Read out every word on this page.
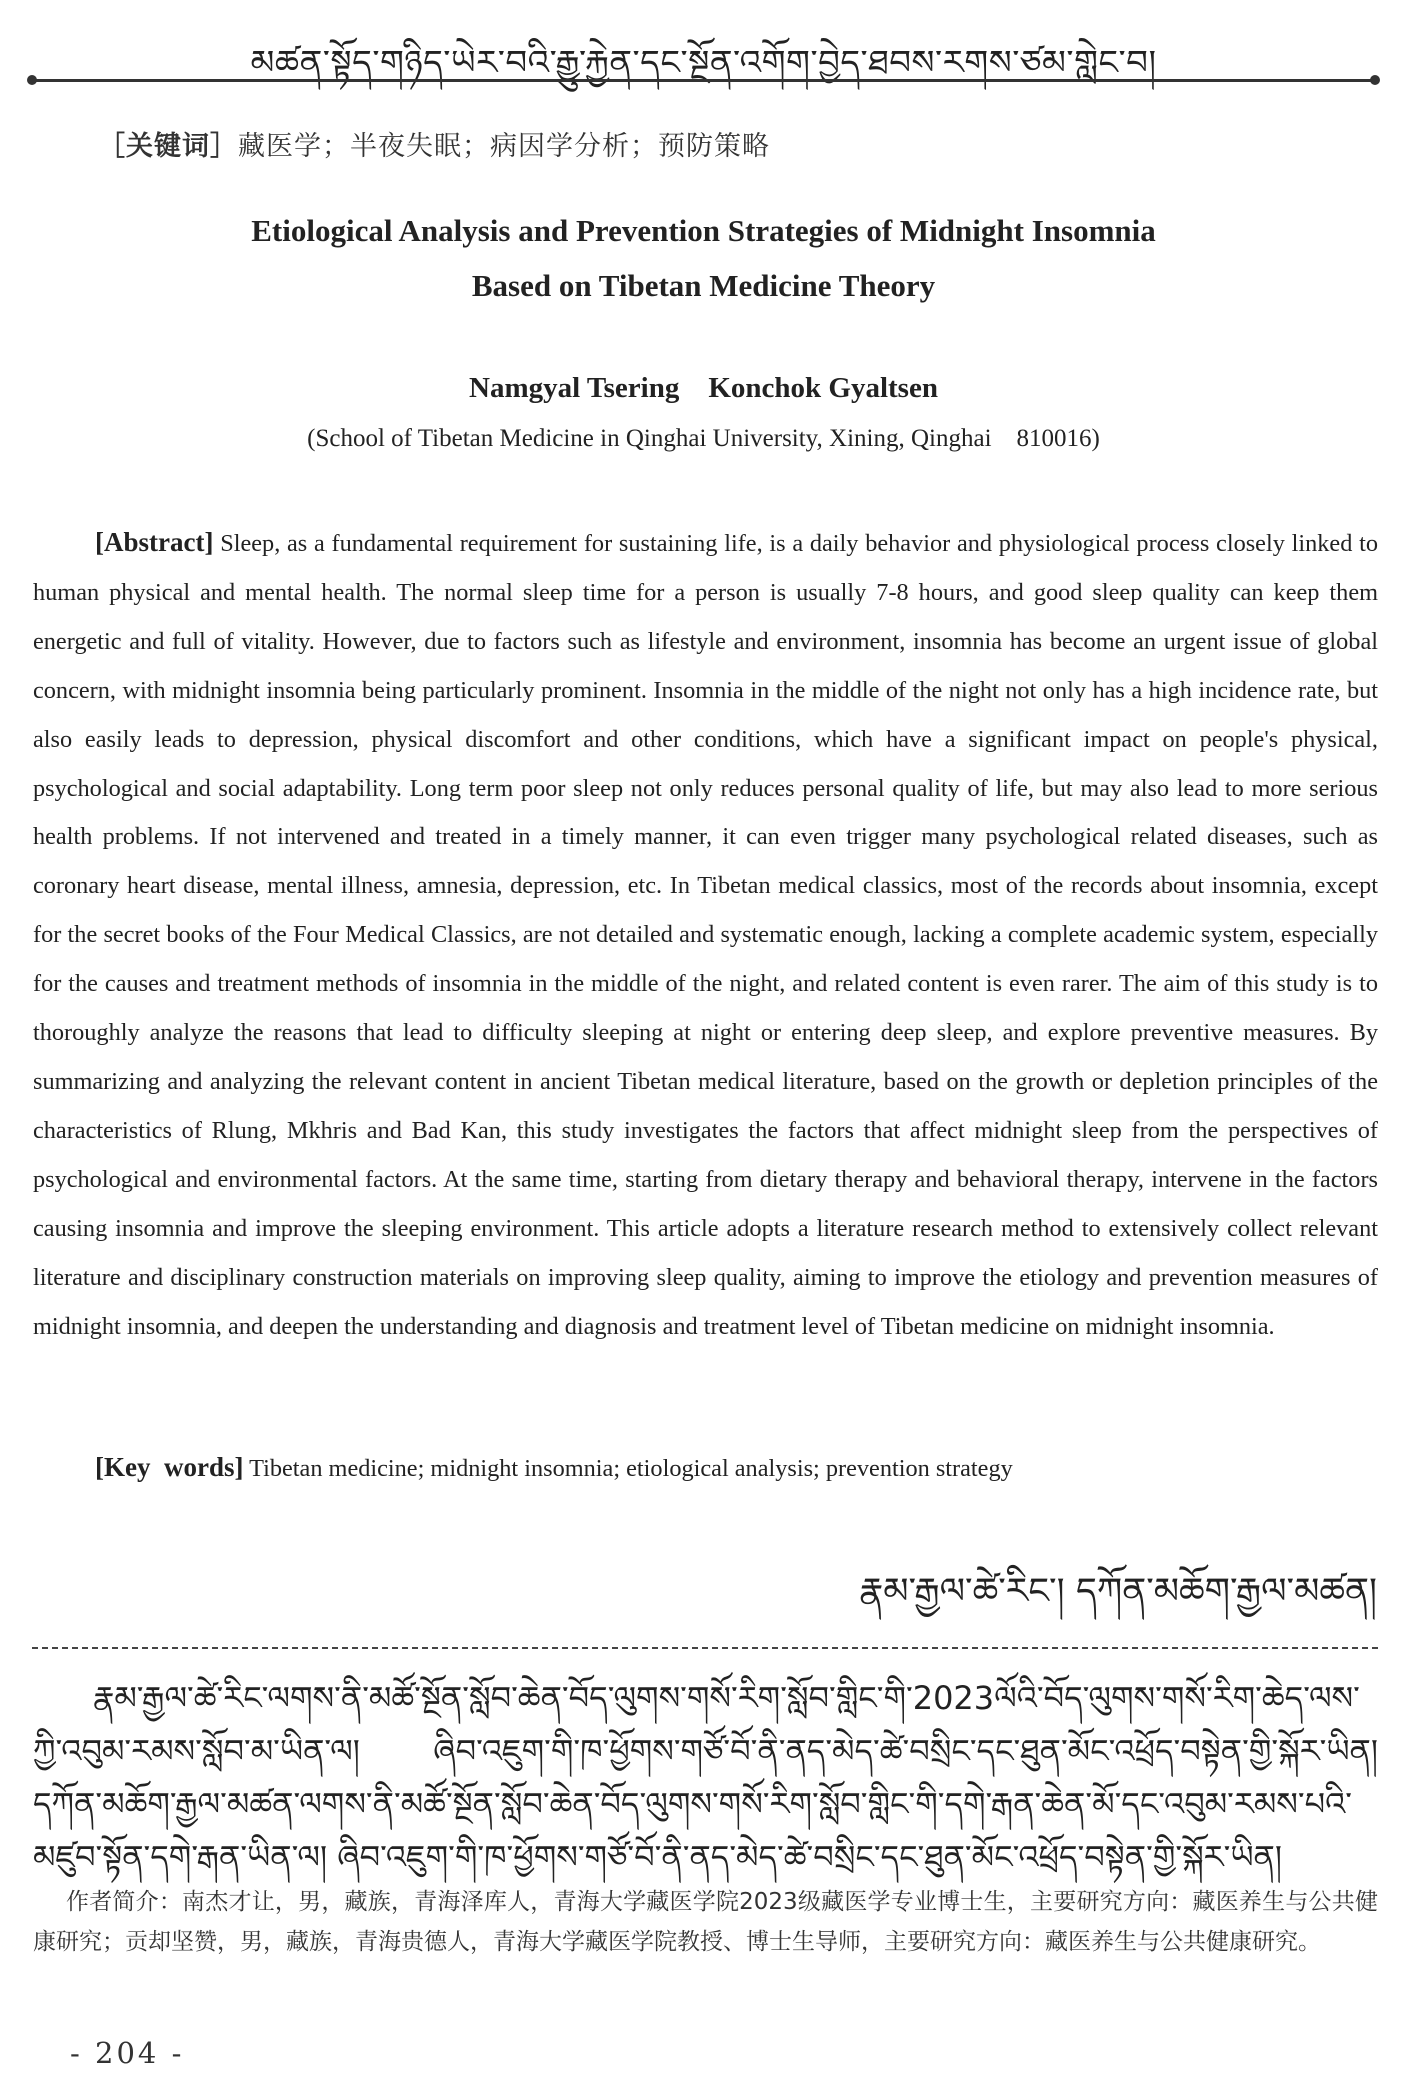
མཚན་སྟོད་གཉིད་ཡེར་བའི་རྒྱུ་རྐྱེན་དང་སྔོན་འགོག་བྱེད་ཐབས་རགས་ཙམ་གླེང་བ།
［关键词］藏医学；半夜失眠；病因学分析；预防策略
Etiological Analysis and Prevention Strategies of Midnight Insomnia
Based on Tibetan Medicine Theory
Namgyal Tsering    Konchok Gyaltsen
(School of Tibetan Medicine in Qinghai University, Xining, Qinghai    810016)

[Abstract] Sleep, as a fundamental requirement for sustaining life, is a daily behavior and physiological process closely linked to human physical and mental health. The normal sleep time for a person is usually 7-8 hours, and good sleep quality can keep them energetic and full of vitality. However, due to factors such as lifestyle and environment, insomnia has become an urgent issue of global concern, with midnight insomnia being particularly prominent. Insomnia in the middle of the night not only has a high incidence rate, but also easily leads to depression, physical discomfort and other conditions, which have a significant impact on people's physical, psychological and social adaptability. Long term poor sleep not only reduces personal quality of life, but may also lead to more serious health problems. If not intervened and treated in a timely manner, it can even trigger many psychological related diseases, such as coronary heart disease, mental illness, amnesia, depression, etc. In Tibetan medical classics, most of the records about insomnia, except for the secret books of the Four Medical Classics, are not detailed and systematic enough, lacking a complete academic system, especially for the causes and treatment methods of insomnia in the middle of the night, and related content is even rarer. The aim of this study is to thoroughly analyze the reasons that lead to difficulty sleeping at night or entering deep sleep, and explore preventive measures. By summarizing and analyzing the relevant content in ancient Tibetan medical literature, based on the growth or depletion principles of the characteristics of Rlung, Mkhris and Bad Kan, this study investigates the factors that affect midnight sleep from the perspectives of psychological and environmental factors. At the same time, starting from dietary therapy and behavioral therapy, intervene in the factors causing insomnia and improve the sleeping environment. This article adopts a literature research method to extensively collect relevant literature and disciplinary construction materials on improving sleep quality, aiming to improve the etiology and prevention measures of midnight insomnia, and deepen the understanding and diagnosis and treatment level of Tibetan medicine on midnight insomnia.

[Key  words] Tibetan medicine; midnight insomnia; etiological analysis; prevention strategy
རྣམ་རྒྱལ་ཚེ་རིང་། དཀོན་མཆོག་རྒྱལ་མཚན།

རྣམ་རྒྱལ་ཚེ་རིང་ལགས་ནི་མཚོ་སྔོན་སློབ་ཆེན་བོད་ལུགས་གསོ་རིག་སློབ་གླིང་གི་2023ལོའི་བོད་ལུགས་གསོ་རིག་ཆེད་ལས་ཀྱི་འབུམ་རམས་སློབ་མ་ཡིན་ལ། ཞིབ་འཇུག་གི་ཁ་ཕྱོགས་གཙོ་བོ་ནི་ནད་མེད་ཚེ་བསྲིང་དང་ཐུན་མོང་འཕྲོད་བསྟེན་གྱི་སྐོར་ཡིན། དཀོན་མཆོག་རྒྱལ་མཚན་ལགས་ནི་མཚོ་སྔོན་སློབ་ཆེན་བོད་ལུགས་གསོ་རིག་སློབ་གླིང་གི་དགེ་རྒན་ཆེན་མོ་དང་འབུམ་རམས་པའི་མཛུབ་སྟོན་དགེ་རྒན་ཡིན་ལ། ཞིབ་འཇུག་གི་ཁ་ཕྱོགས་གཙོ་བོ་ནི་ནད་མེད་ཚེ་བསྲིང་དང་ཐུན་མོང་འཕྲོད་བསྟེན་གྱི་སྐོར་ཡིན།

作者简介：南杰才让，男，藏族，青海泽库人，青海大学藏医学院2023级藏医学专业博士生，主要研究方向：藏医养生与公共健康研究；贡却坚赞，男，藏族，青海贵德人，青海大学藏医学院教授、博士生导师，主要研究方向：藏医养生与公共健康研究。

- 204 -
